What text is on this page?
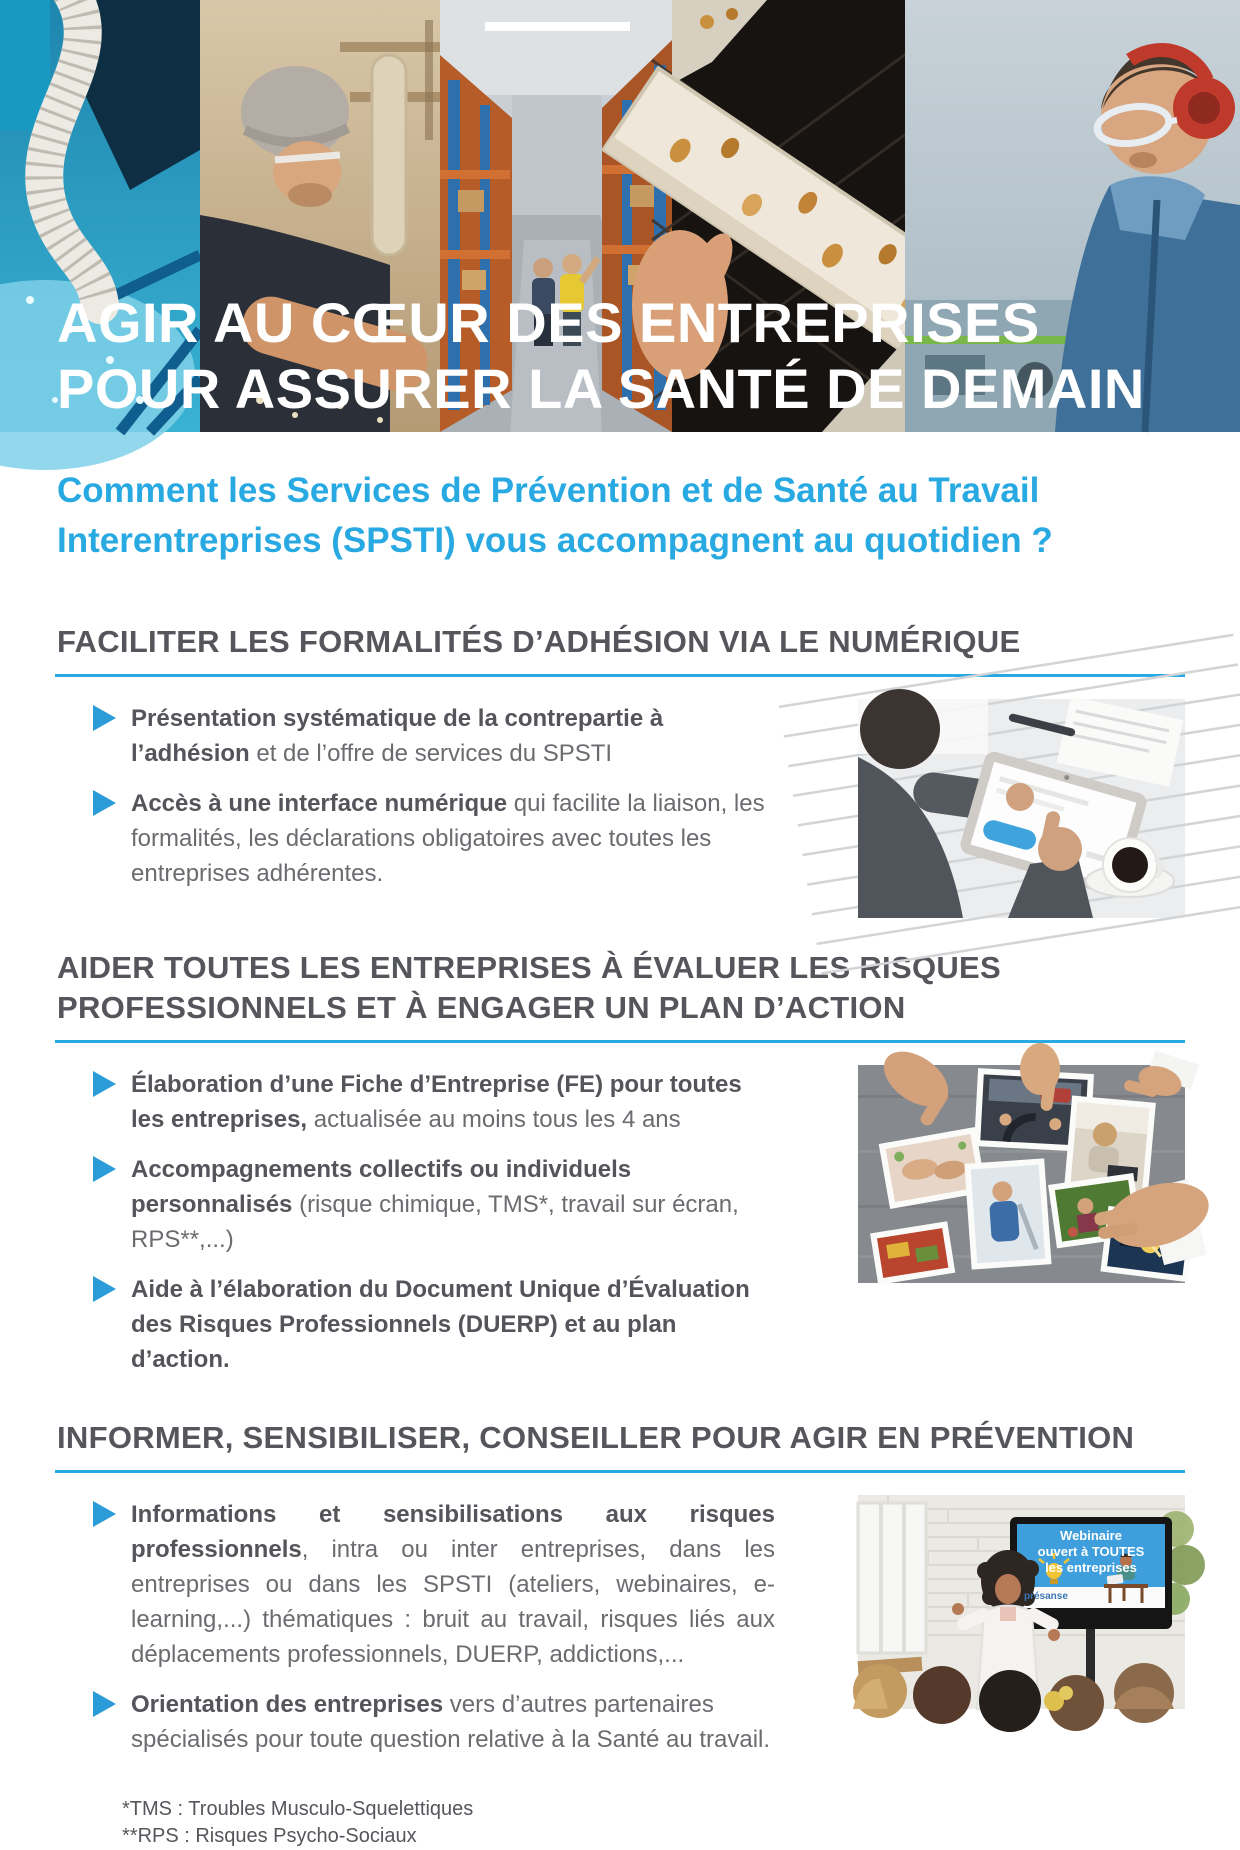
AGIR AU CŒUR DES ENTREPRISES
POUR ASSURER LA SANTÉ DE DEMAIN
Comment les Services de Prévention et de Santé au Travail
Interentreprises (SPSTI) vous accompagnent au quotidien ?
FACILITER LES FORMALITÉS D’ADHÉSION VIA LE NUMÉRIQUE

Présentation systématique de la contrepartie à l’adhésion et de l’offre de services du SPSTI

Accès à une interface numérique qui facilite la liaison, les formalités, les déclarations obligatoires avec toutes les entreprises adhérentes.

AIDER TOUTES LES ENTREPRISES À ÉVALUER LES RISQUES PROFESSIONNELS ET À ENGAGER UN PLAN D’ACTION

Élaboration d’une Fiche d’Entreprise (FE) pour toutes les entreprises, actualisée au moins tous les 4 ans

Accompagnements collectifs ou individuels personnalisés (risque chimique, TMS*, travail sur écran, RPS**,...)

Aide à l’élaboration du Document Unique d’Évaluation des Risques Professionnels (DUERP) et au plan d’action.

INFORMER, SENSIBILISER, CONSEILLER POUR AGIR EN PRÉVENTION

Informations et sensibilisations aux risques professionnels, intra ou inter entreprises, dans les entreprises ou dans les SPSTI (ateliers, webinaires, e-learning,...) thématiques : bruit au travail, risques liés aux déplacements professionnels, DUERP, addictions,...

Orientation des entreprises vers d’autres partenaires spécialisés pour toute question relative à la Santé au travail.

Webinaire
ouvert à TOUTES
les entreprises
présanse

*TMS : Troubles Musculo-Squelettiques

**RPS : Risques Psycho-Sociaux
